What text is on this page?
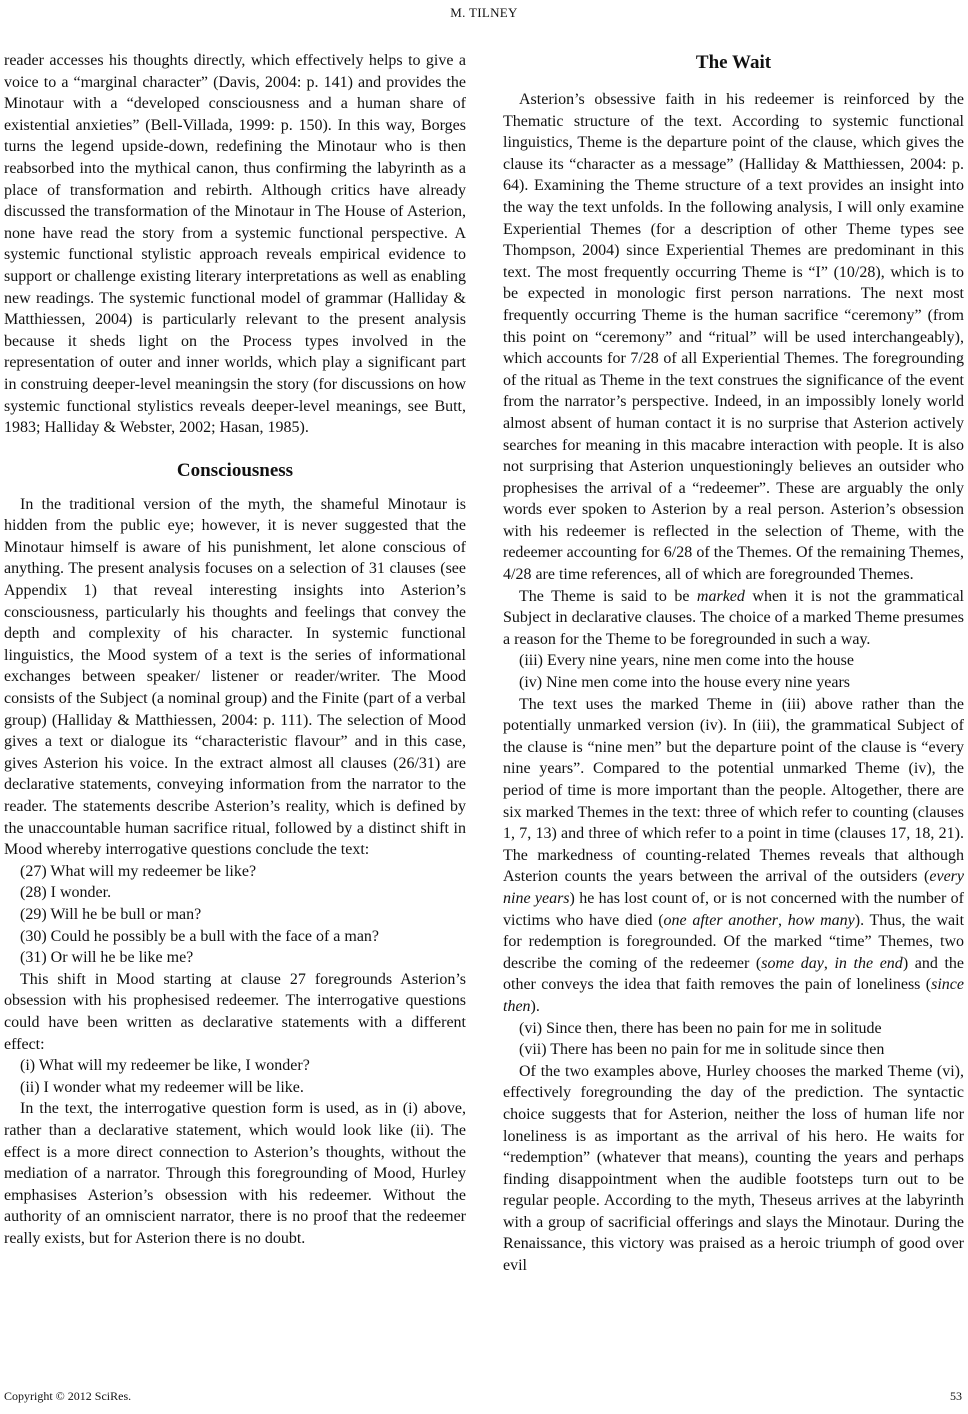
M. TILNEY

reader accesses his thoughts directly, which effectively helps to give a voice to a “marginal character” (Davis, 2004: p. 141) and provides the Minotaur with a “developed consciousness and a human share of existential anxieties” (Bell-Villada, 1999: p. 150). In this way, Borges turns the legend upside-down, redefining the Minotaur who is then reabsorbed into the mythical canon, thus confirming the labyrinth as a place of transformation and rebirth. Although critics have already discussed the transformation of the Minotaur in The House of Asterion, none have read the story from a systemic functional perspective. A systemic functional stylistic approach reveals empirical evidence to support or challenge existing literary interpretations as well as enabling new readings. The systemic functional model of grammar (Halliday & Matthiessen, 2004) is particularly relevant to the present analysis because it sheds light on the Process types involved in the representation of outer and inner worlds, which play a significant part in construing deeper-level meaningsin the story (for discussions on how systemic functional stylistics reveals deeper-level meanings, see Butt, 1983; Halliday & Webster, 2002; Hasan, 1985).

Consciousness

In the traditional version of the myth, the shameful Minotaur is hidden from the public eye; however, it is never suggested that the Minotaur himself is aware of his punishment, let alone conscious of anything. The present analysis focuses on a selection of 31 clauses (see Appendix 1) that reveal interesting insights into Asterion’s consciousness, particularly his thoughts and feelings that convey the depth and complexity of his character. In systemic functional linguistics, the Mood system of a text is the series of informational exchanges between speaker/ listener or reader/writer. The Mood consists of the Subject (a nominal group) and the Finite (part of a verbal group) (Halliday & Matthiessen, 2004: p. 111). The selection of Mood gives a text or dialogue its “characteristic flavour” and in this case, gives Asterion his voice. In the extract almost all clauses (26/31) are declarative statements, conveying information from the narrator to the reader. The statements describe Asterion’s reality, which is defined by the unaccountable human sacrifice ritual, followed by a distinct shift in Mood whereby interrogative questions conclude the text:

(27) What will my redeemer be like?

(28) I wonder.

(29) Will he be bull or man?

(30) Could he possibly be a bull with the face of a man?

(31) Or will he be like me?

This shift in Mood starting at clause 27 foregrounds Asterion’s obsession with his prophesised redeemer. The interrogative questions could have been written as declarative statements with a different effect:

(i) What will my redeemer be like, I wonder?

(ii) I wonder what my redeemer will be like.

In the text, the interrogative question form is used, as in (i) above, rather than a declarative statement, which would look like (ii). The effect is a more direct connection to Asterion’s thoughts, without the mediation of a narrator. Through this foregrounding of Mood, Hurley emphasises Asterion’s obsession with his redeemer. Without the authority of an omniscient narrator, there is no proof that the redeemer really exists, but for Asterion there is no doubt.

The Wait

Asterion’s obsessive faith in his redeemer is reinforced by the Thematic structure of the text. According to systemic functional linguistics, Theme is the departure point of the clause, which gives the clause its “character as a message” (Halliday & Matthiessen, 2004: p. 64). Examining the Theme structure of a text provides an insight into the way the text unfolds. In the following analysis, I will only examine Experiential Themes (for a description of other Theme types see Thompson, 2004) since Experiential Themes are predominant in this text. The most frequently occurring Theme is “I” (10/28), which is to be expected in monologic first person narrations. The next most frequently occurring Theme is the human sacrifice “ceremony” (from this point on “ceremony” and “ritual” will be used interchangeably), which accounts for 7/28 of all Experiential Themes. The foregrounding of the ritual as Theme in the text construes the significance of the event from the narrator’s perspective. Indeed, in an impossibly lonely world almost absent of human contact it is no surprise that Asterion actively searches for meaning in this macabre interaction with people. It is also not surprising that Asterion unquestioningly believes an outsider who prophesises the arrival of a “redeemer”. These are arguably the only words ever spoken to Asterion by a real person. Asterion’s obsession with his redeemer is reflected in the selection of Theme, with the redeemer accounting for 6/28 of the Themes. Of the remaining Themes, 4/28 are time references, all of which are foregrounded Themes.

The Theme is said to be marked when it is not the grammatical Subject in declarative clauses. The choice of a marked Theme presumes a reason for the Theme to be foregrounded in such a way.

(iii) Every nine years, nine men come into the house

(iv) Nine men come into the house every nine years

The text uses the marked Theme in (iii) above rather than the potentially unmarked version (iv). In (iii), the grammatical Subject of the clause is “nine men” but the departure point of the clause is “every nine years”. Compared to the potential unmarked Theme (iv), the period of time is more important than the people. Altogether, there are six marked Themes in the text: three of which refer to counting (clauses 1, 7, 13) and three of which refer to a point in time (clauses 17, 18, 21). The markedness of counting-related Themes reveals that although Asterion counts the years between the arrival of the outsiders (every nine years) he has lost count of, or is not concerned with the number of victims who have died (one after another, how many). Thus, the wait for redemption is foregrounded. Of the marked “time” Themes, two describe the coming of the redeemer (some day, in the end) and the other conveys the idea that faith removes the pain of loneliness (since then).

(vi) Since then, there has been no pain for me in solitude

(vii) There has been no pain for me in solitude since then

Of the two examples above, Hurley chooses the marked Theme (vi), effectively foregrounding the day of the prediction. The syntactic choice suggests that for Asterion, neither the loss of human life nor loneliness is as important as the arrival of his hero. He waits for “redemption” (whatever that means), counting the years and perhaps finding disappointment when the audible footsteps turn out to be regular people. According to the myth, Theseus arrives at the labyrinth with a group of sacrificial offerings and slays the Minotaur. During the Renaissance, this victory was praised as a heroic triumph of good over evil

Copyright © 2012 SciRes.	53
